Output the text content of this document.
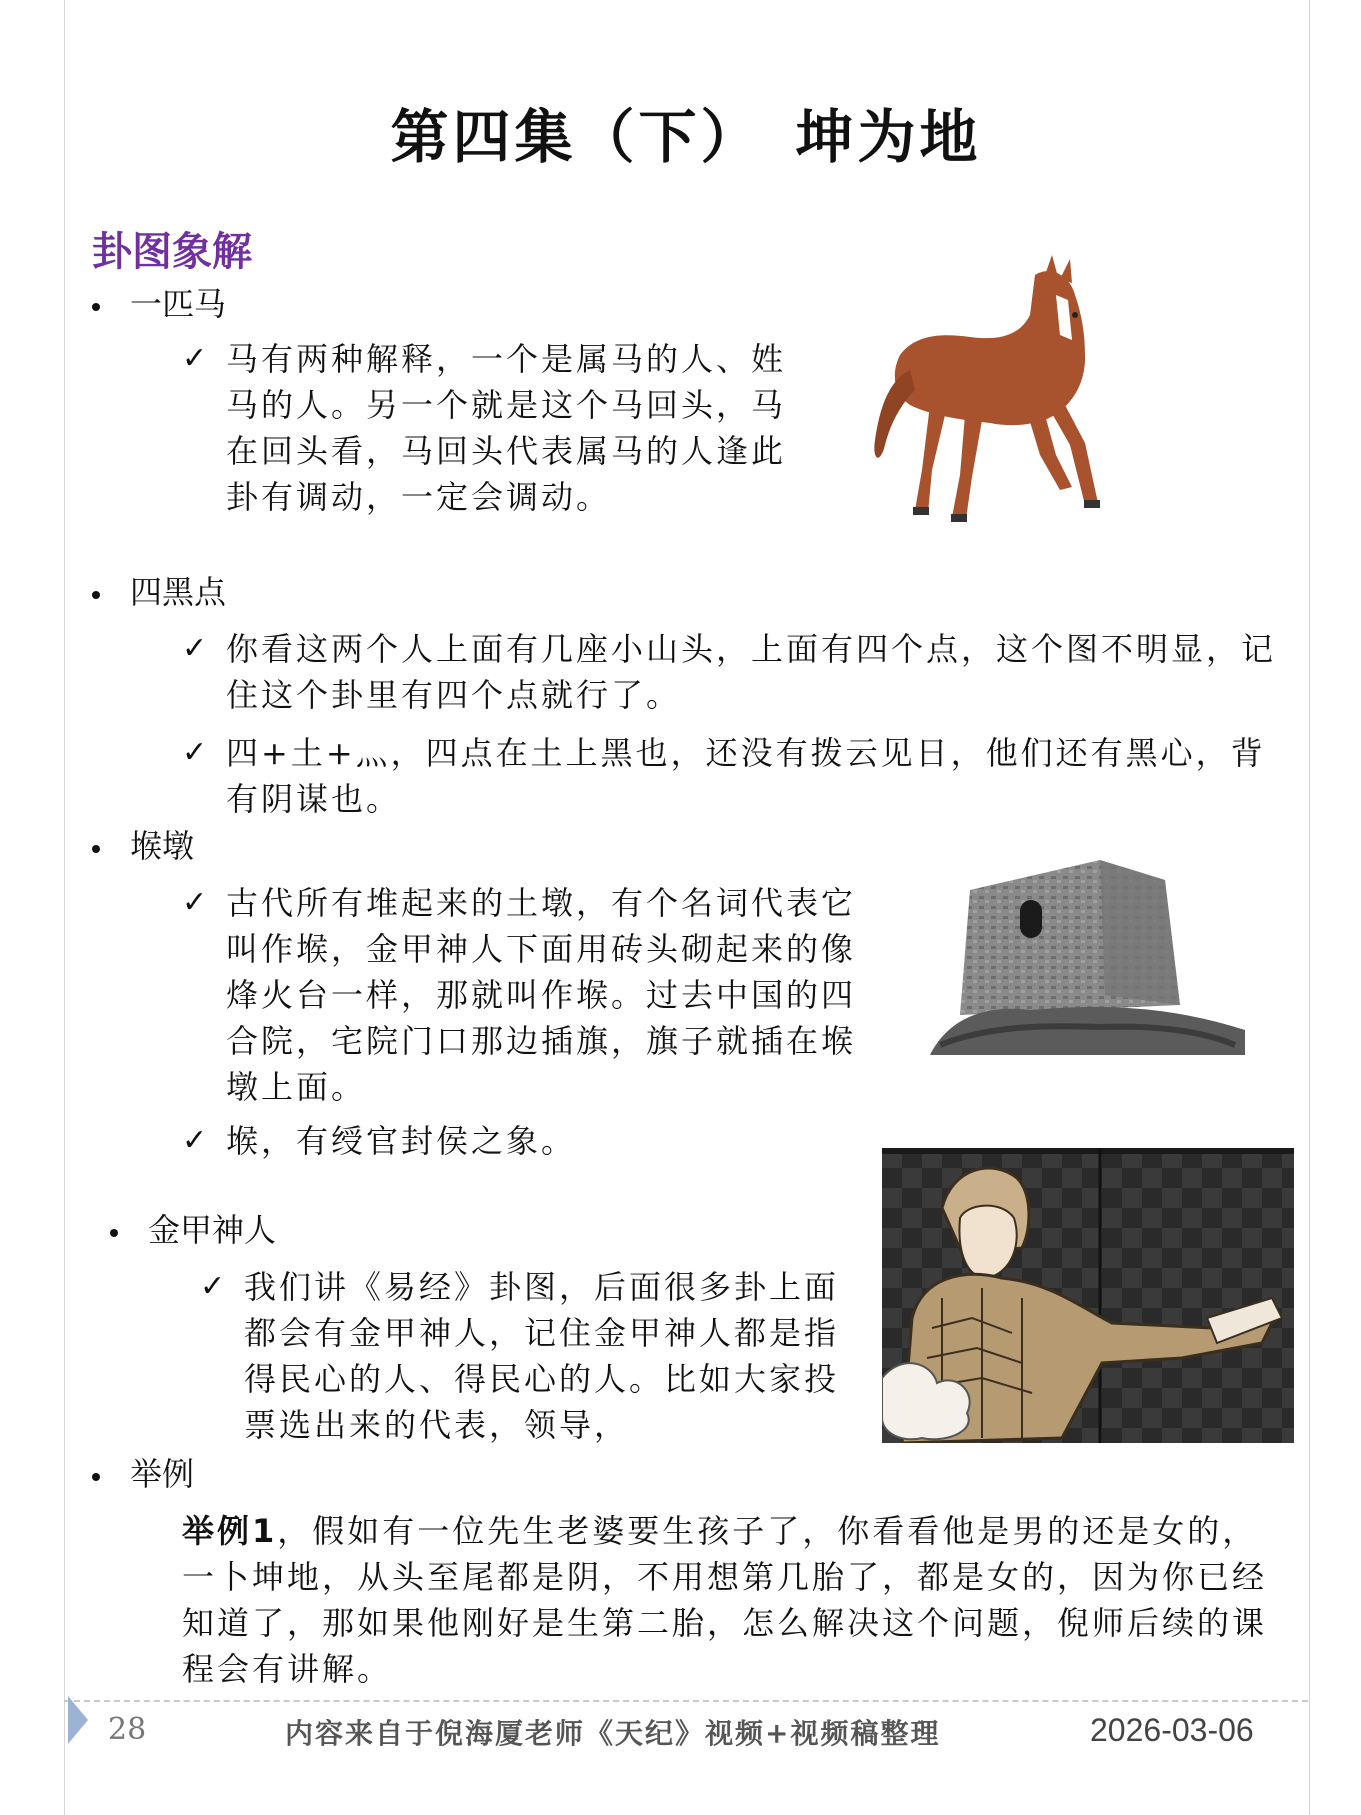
第四集（下）　坤为地
卦图象解
一匹马
✓ 马有两种解释，一个是属马的人、姓马的人。另一个就是这个马回头，马在回头看，马回头代表属马的人逢此卦有调动，一定会调动。
四黑点
✓ 你看这两个人上面有几座小山头，上面有四个点，这个图不明显，记住这个卦里有四个点就行了。
✓ 四+土+灬，四点在土上黑也，还没有拨云见日，他们还有黑心，背有阴谋也。
堠墩
✓ 古代所有堆起来的土墩，有个名词代表它叫作堠，金甲神人下面用砖头砌起来的像烽火台一样，那就叫作堠。过去中国的四合院，宅院门口那边插旗，旗子就插在堠墩上面。
✓ 堠，有绶官封侯之象。
金甲神人
✓ 我们讲《易经》卦图，后面很多卦上面都会有金甲神人，记住金甲神人都是指得民心的人、得民心的人。比如大家投票选出来的代表，领导，
举例
举例1，假如有一位先生老婆要生孩子了，你看看他是男的还是女的，一卜坤地，从头至尾都是阴，不用想第几胎了，都是女的，因为你已经知道了，那如果他刚好是生第二胎，怎么解决这个问题，倪师后续的课程会有讲解。
28	内容来自于倪海厦老师《天纪》视频+视频稿整理	2026-03-06
